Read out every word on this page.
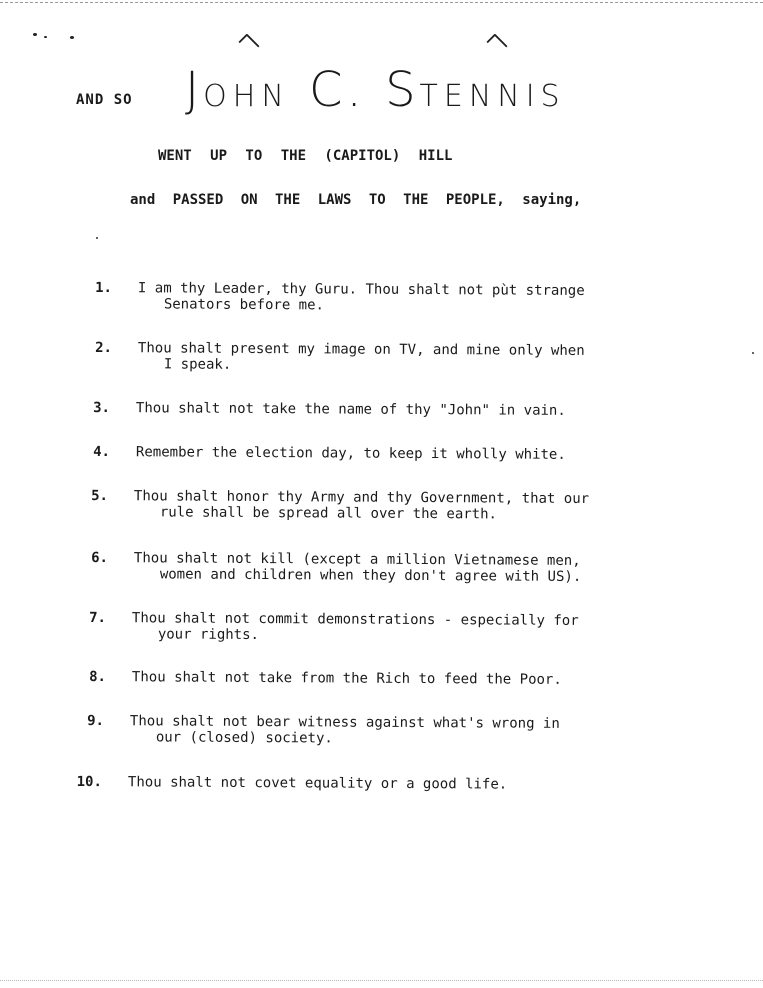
AND SO JOHN C. STENNIS
WENT UP TO THE (CAPITOL) HILL
and PASSED ON THE LAWS TO THE PEOPLE, saying,
1. I am thy Leader, thy Guru. Thou shalt not pùt strange
Senators before me.
2. Thou shalt present my image on TV, and mine only when
I speak.
3. Thou shalt not take the name of thy "John" in vain.
4. Remember the election day, to keep it wholly white.
5. Thou shalt honor thy Army and thy Government, that our
rule shall be spread all over the earth.
6. Thou shalt not kill (except a million Vietnamese men,
women and children when they don't agree with US).
7. Thou shalt not commit demonstrations - especially for
your rights.
8. Thou shalt not take from the Rich to feed the Poor.
9. Thou shalt not bear witness against what's wrong in
our (closed) society.
10. Thou shalt not covet equality or a good life.
